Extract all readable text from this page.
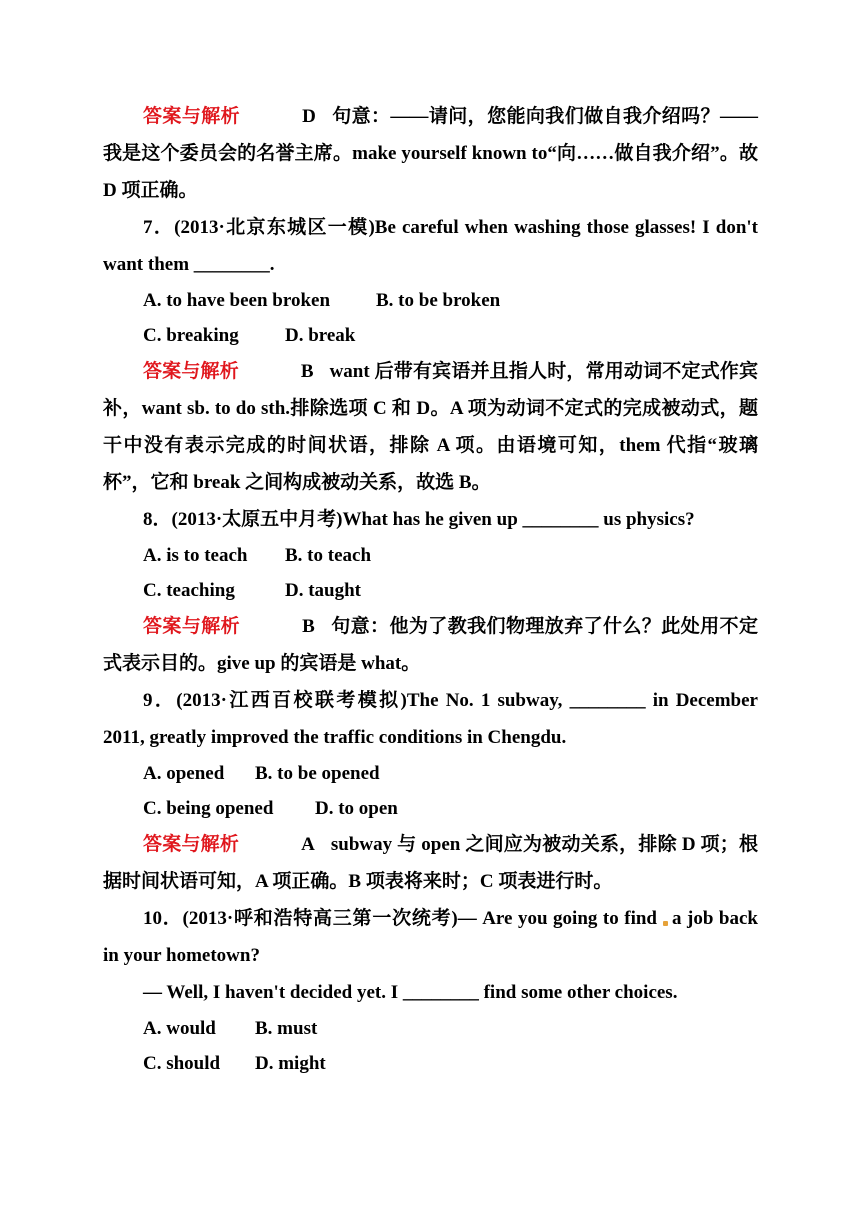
答案与解析	D 句意：——请问，您能向我们做自我介绍吗？——我是这个委员会的名誉主席。make yourself known to“向……做自我介绍”。故 D 项正确。

7．(2013·北京东城区一模)Be careful when washing those glasses! I don't want them ________.

A. to have been broken B. to be broken

C. breaking D. break

答案与解析	B want 后带有宾语并且指人时，常用动词不定式作宾补，want sb. to do sth.排除选项 C 和 D。A 项为动词不定式的完成被动式，题干中没有表示完成的时间状语，排除 A 项。由语境可知，them 代指“玻璃杯”，它和 break 之间构成被动关系，故选 B。

8．(2013·太原五中月考)What has he given up ________ us physics?

A. is to teach B. to teach

C. teaching	D. taught

答案与解析	B 句意：他为了教我们物理放弃了什么？此处用不定式表示目的。give up 的宾语是 what。

9．(2013·江西百校联考模拟)The No. 1 subway, ________ in December 2011, greatly improved the traffic conditions in Chengdu.

A. opened B. to be opened

C. being opened D. to open

答案与解析	A subway 与 open 之间应为被动关系，排除 D 项；根据时间状语可知，A 项正确。B 项表将来时；C 项表进行时。

10．(2013·呼和浩特高三第一次统考)— Are you going to find a job back in your hometown?

— Well, I haven't decided yet. I ________ find some other choices.

A. would B. must

C. should D. might
